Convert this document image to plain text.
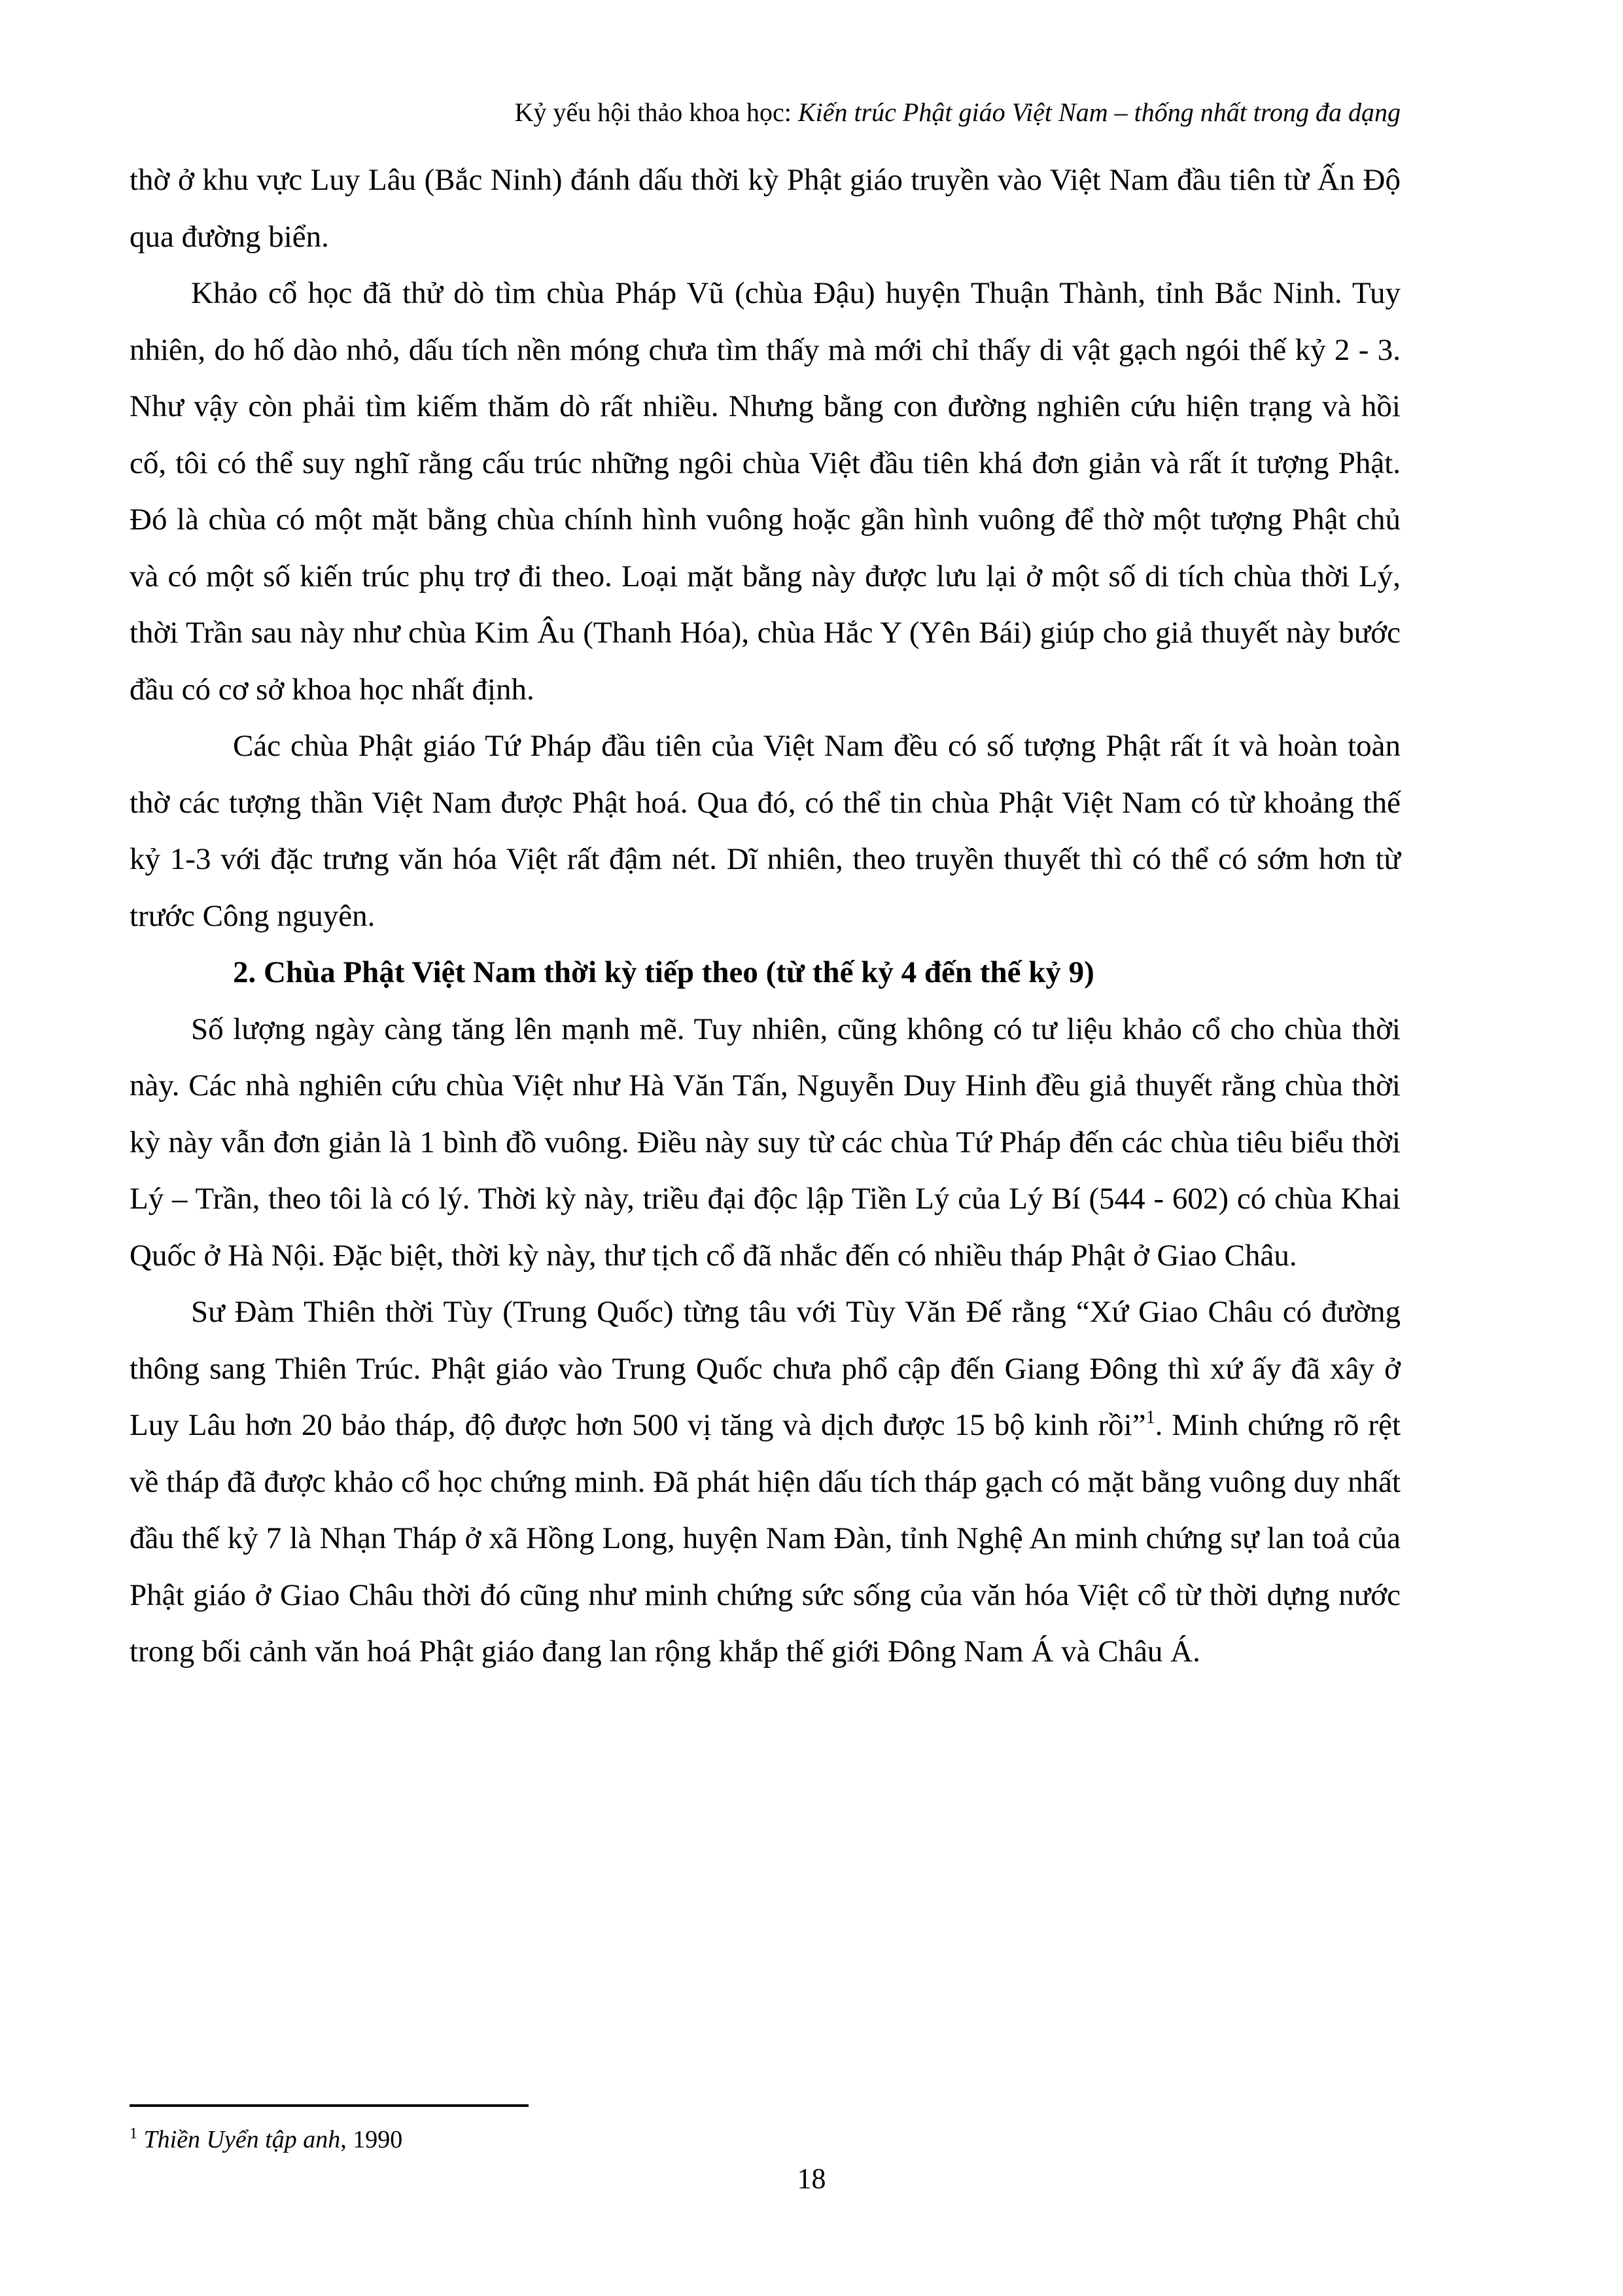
Kỷ yếu hội thảo khoa học: Kiến trúc Phật giáo Việt Nam – thống nhất trong đa dạng

thờ ở khu vực Luy Lâu (Bắc Ninh) đánh dấu thời kỳ Phật giáo truyền vào Việt Nam đầu tiên từ Ấn Độ qua đường biển.

Khảo cổ học đã thử dò tìm chùa Pháp Vũ (chùa Đậu) huyện Thuận Thành, tỉnh Bắc Ninh. Tuy nhiên, do hố dào nhỏ, dấu tích nền móng chưa tìm thấy mà mới chỉ thấy di vật gạch ngói thế kỷ 2 - 3. Như vậy còn phải tìm kiếm thăm dò rất nhiều. Nhưng bằng con đường nghiên cứu hiện trạng và hồi cố, tôi có thể suy nghĩ rằng cấu trúc những ngôi chùa Việt đầu tiên khá đơn giản và rất ít tượng Phật. Đó là chùa có một mặt bằng chùa chính hình vuông hoặc gần hình vuông để thờ một tượng Phật chủ và có một số kiến trúc phụ trợ đi theo. Loại mặt bằng này được lưu lại ở một số di tích chùa thời Lý, thời Trần sau này như chùa Kim Âu (Thanh Hóa), chùa Hắc Y (Yên Bái) giúp cho giả thuyết này bước đầu có cơ sở khoa học nhất định.

Các chùa Phật giáo Tứ Pháp đầu tiên của Việt Nam đều có số tượng Phật rất ít và hoàn toàn thờ các tượng thần Việt Nam được Phật hoá. Qua đó, có thể tin chùa Phật Việt Nam có từ khoảng thế kỷ 1-3 với đặc trưng văn hóa Việt rất đậm nét. Dĩ nhiên, theo truyền thuyết thì có thể có sớm hơn từ trước Công nguyên.

2. Chùa Phật Việt Nam thời kỳ tiếp theo (từ thế kỷ 4 đến thế kỷ 9)

Số lượng ngày càng tăng lên mạnh mẽ. Tuy nhiên, cũng không có tư liệu khảo cổ cho chùa thời này. Các nhà nghiên cứu chùa Việt như Hà Văn Tấn, Nguyễn Duy Hinh đều giả thuyết rằng chùa thời kỳ này vẫn đơn giản là 1 bình đồ vuông. Điều này suy từ các chùa Tứ Pháp đến các chùa tiêu biểu thời Lý – Trần, theo tôi là có lý. Thời kỳ này, triều đại độc lập Tiền Lý của Lý Bí (544 - 602) có chùa Khai Quốc ở Hà Nội. Đặc biệt, thời kỳ này, thư tịch cổ đã nhắc đến có nhiều tháp Phật ở Giao Châu.

Sư Đàm Thiên thời Tùy (Trung Quốc) từng tâu với Tùy Văn Đế rằng “Xứ Giao Châu có đường thông sang Thiên Trúc. Phật giáo vào Trung Quốc chưa phổ cập đến Giang Đông thì xứ ấy đã xây ở Luy Lâu hơn 20 bảo tháp, độ được hơn 500 vị tăng và dịch được 15 bộ kinh rồi”$^1$. Minh chứng rõ rệt về tháp đã được khảo cổ học chứng minh. Đã phát hiện dấu tích tháp gạch có mặt bằng vuông duy nhất đầu thế kỷ 7 là Nhạn Tháp ở xã Hồng Long, huyện Nam Đàn, tỉnh Nghệ An minh chứng sự lan toả của Phật giáo ở Giao Châu thời đó cũng như minh chứng sức sống của văn hóa Việt cổ từ thời dựng nước trong bối cảnh văn hoá Phật giáo đang lan rộng khắp thế giới Đông Nam Á và Châu Á.

$^1$ Thiền Uyển tập anh, 1990
18
